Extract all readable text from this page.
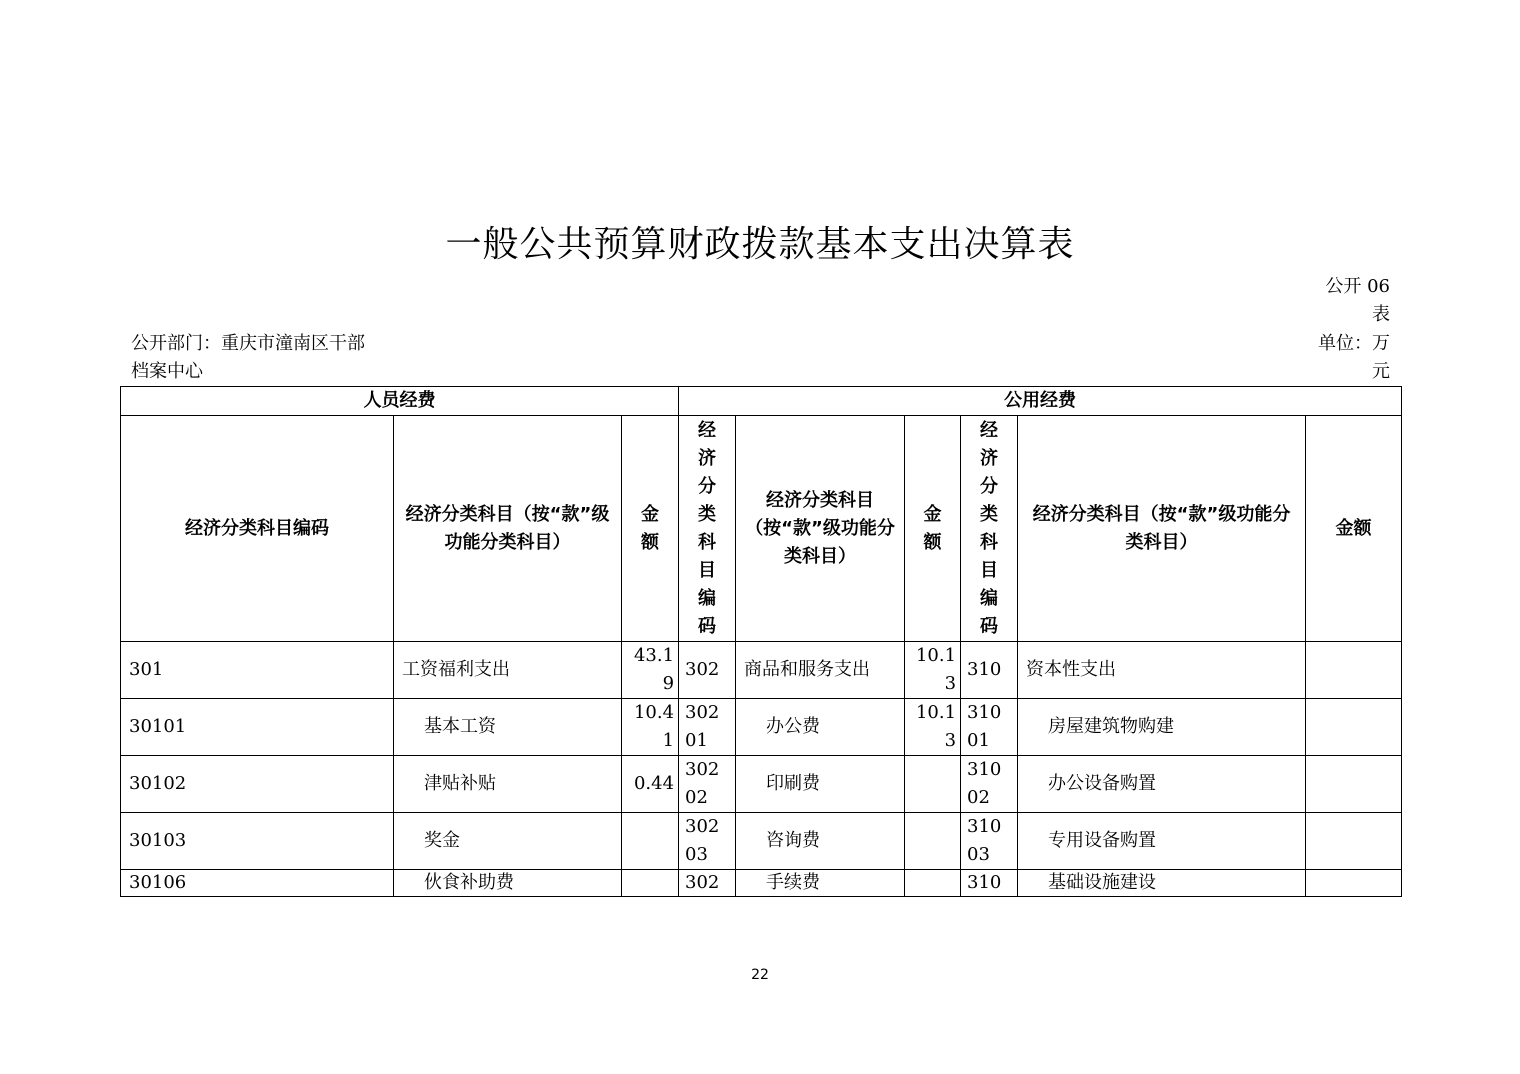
一般公共预算财政拨款基本支出决算表
公开 06
表
公开部门：重庆市潼南区干部	单位：万
档案中心	元
人员经费			公用经费					
经济分类科目编码	经济分类科目（按“款”级功能分类科目）	金额	经济分类科目编码	经济分类科目（按“款”级功能分类科目）	金额	经济分类科目编码	经济分类科目（按“款”级功能分类科目）	金额
301	工资福利支出	43.19	302	商品和服务支出	10.13	310	资本性支出	
30101	基本工资	10.41	30201	办公费	10.13	31001	房屋建筑物购建	
30102	津贴补贴	0.44	30202	印刷费		31002	办公设备购置	
30103	奖金		30203	咨询费		31003	专用设备购置	
30106	伙食补助费		302	手续费		310	基础设施建设	
22
